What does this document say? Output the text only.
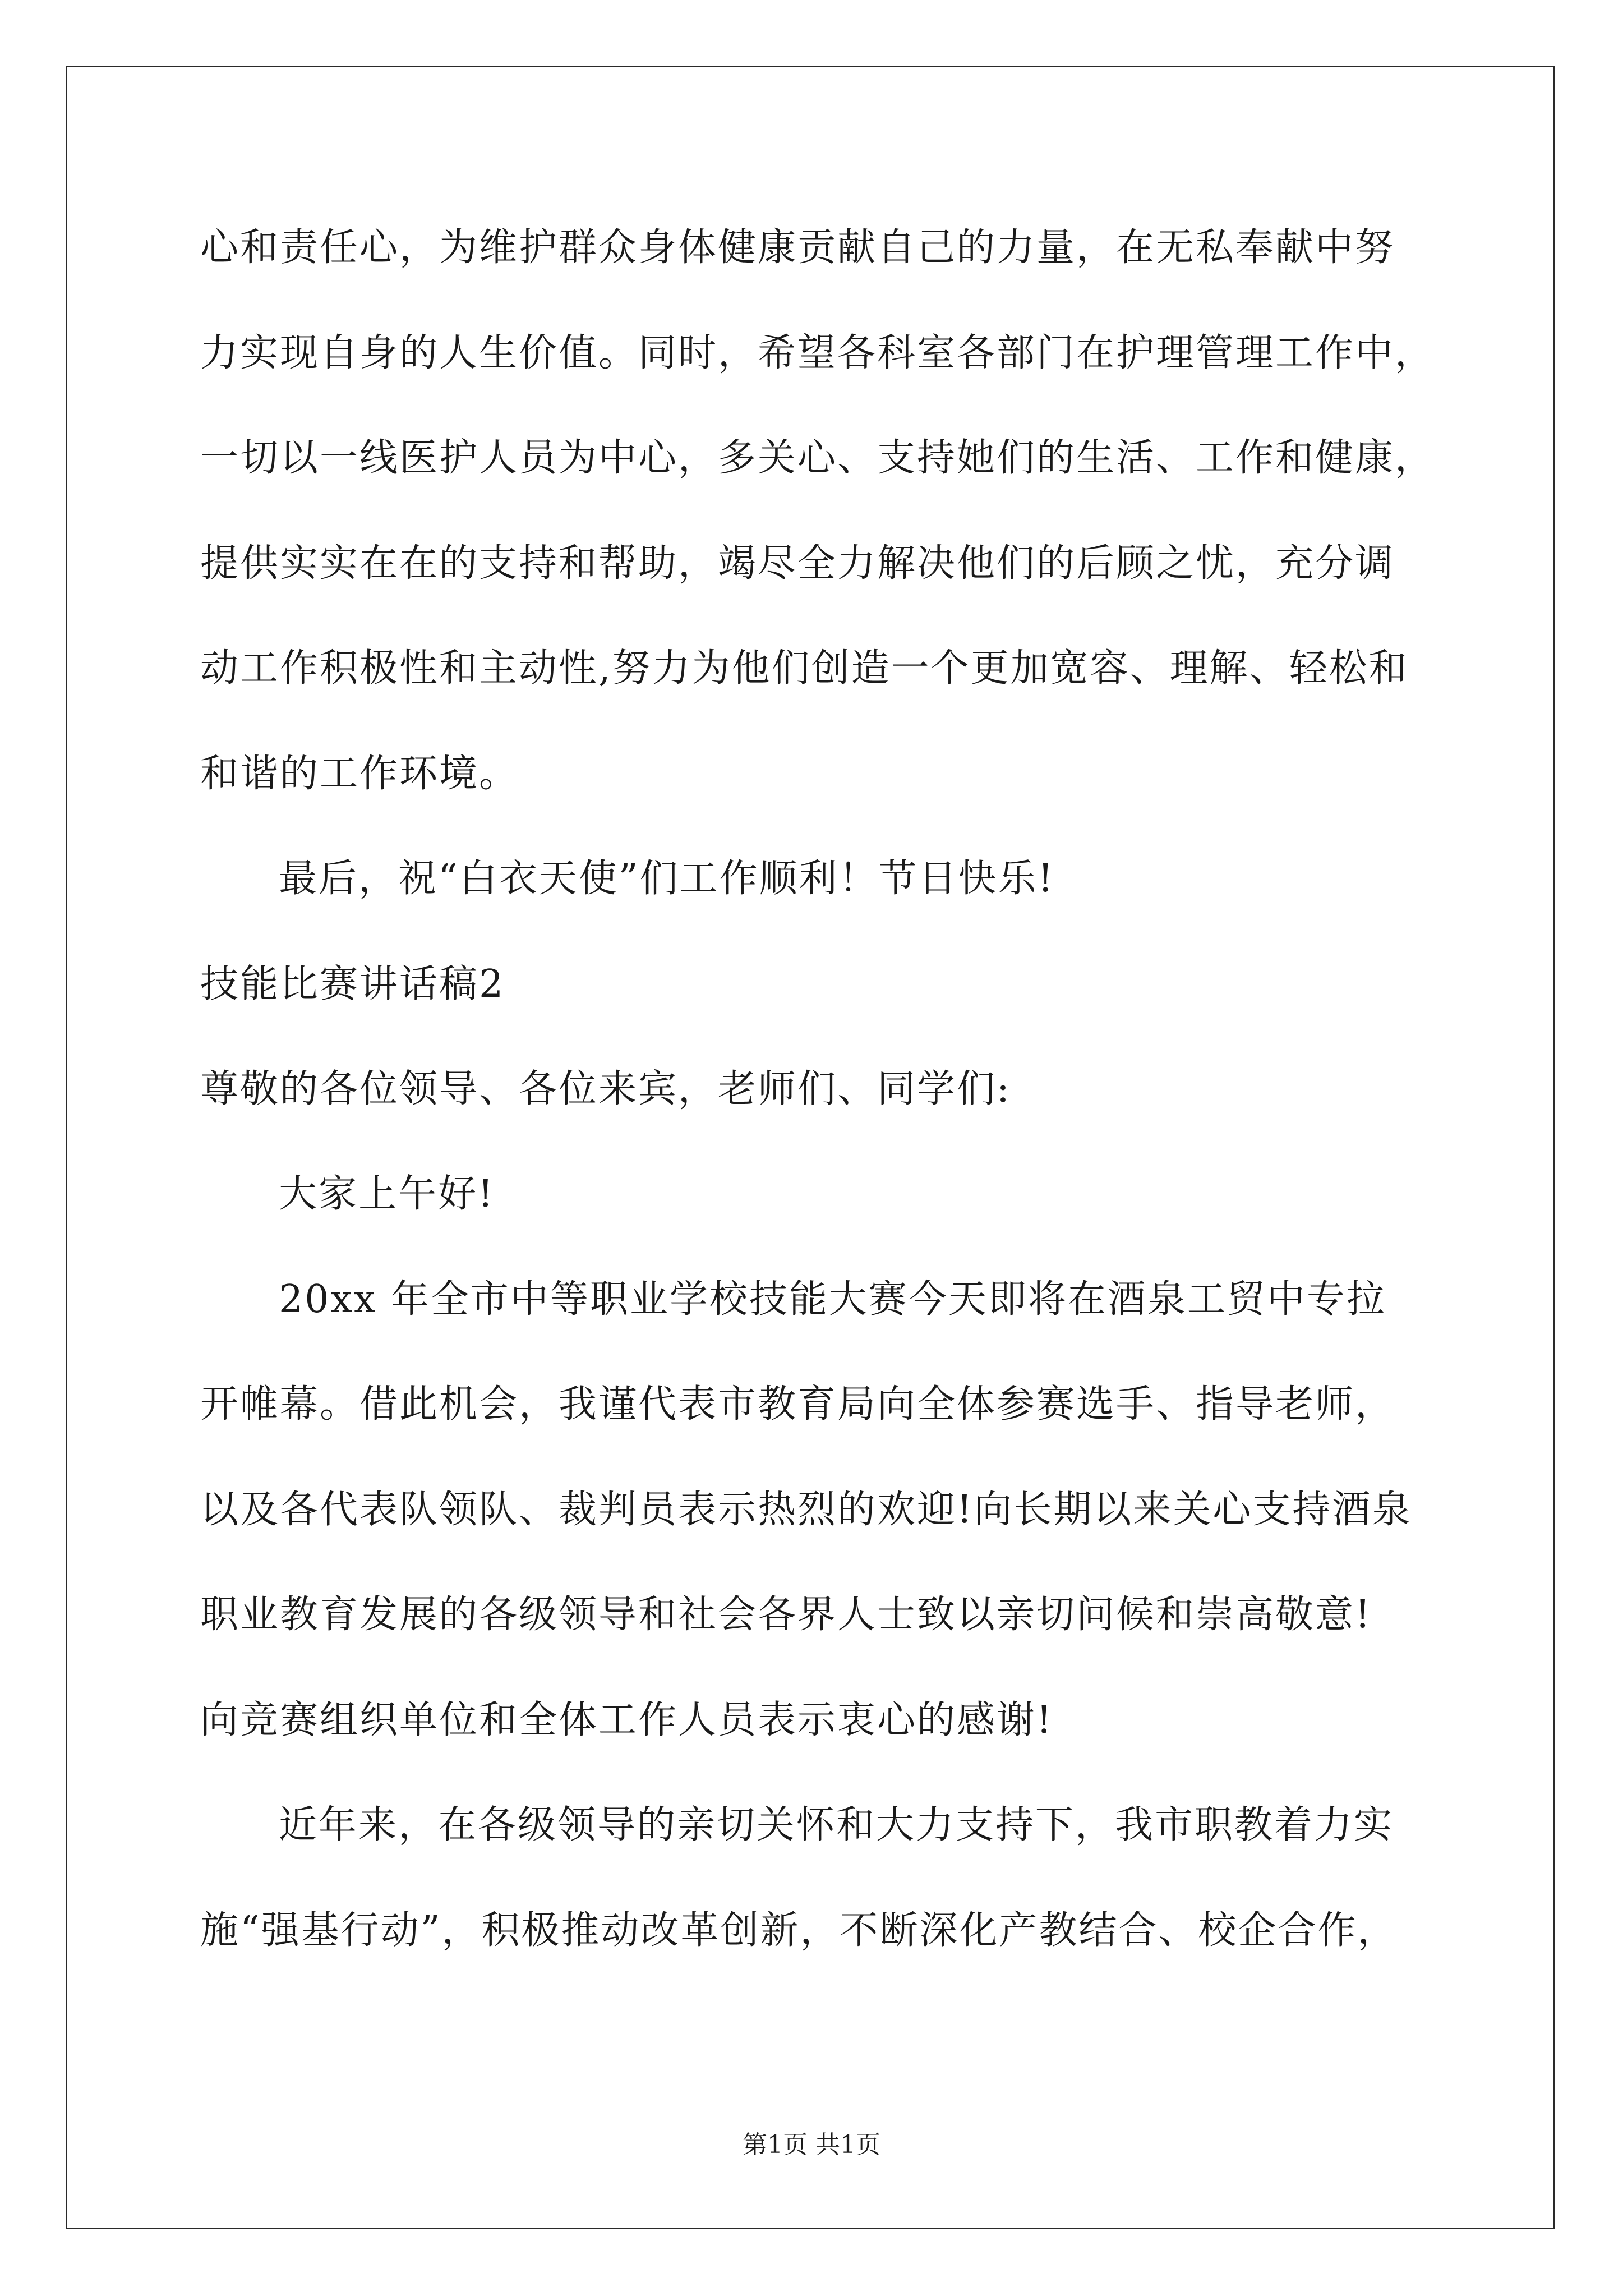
心和责任心，为维护群众身体健康贡献自己的力量，在无私奉献中努
力实现自身的人生价值。同时，希望各科室各部门在护理管理工作中，
一切以一线医护人员为中心，多关心、支持她们的生活、工作和健康，
提供实实在在的支持和帮助，竭尽全力解决他们的后顾之忧，充分调
动工作积极性和主动性,努力为他们创造一个更加宽容、理解、轻松和
和谐的工作环境。
最后，祝“白衣天使”们工作顺利！节日快乐!
技能比赛讲话稿2
尊敬的各位领导、各位来宾，老师们、同学们:
大家上午好!
20xx 年全市中等职业学校技能大赛今天即将在酒泉工贸中专拉
开帷幕。借此机会，我谨代表市教育局向全体参赛选手、指导老师，
以及各代表队领队、裁判员表示热烈的欢迎!向长期以来关心支持酒泉
职业教育发展的各级领导和社会各界人士致以亲切问候和崇高敬意!
向竞赛组织单位和全体工作人员表示衷心的感谢!
近年来，在各级领导的亲切关怀和大力支持下，我市职教着力实
施“强基行动”，积极推动改革创新，不断深化产教结合、校企合作，
第1页 共1页
